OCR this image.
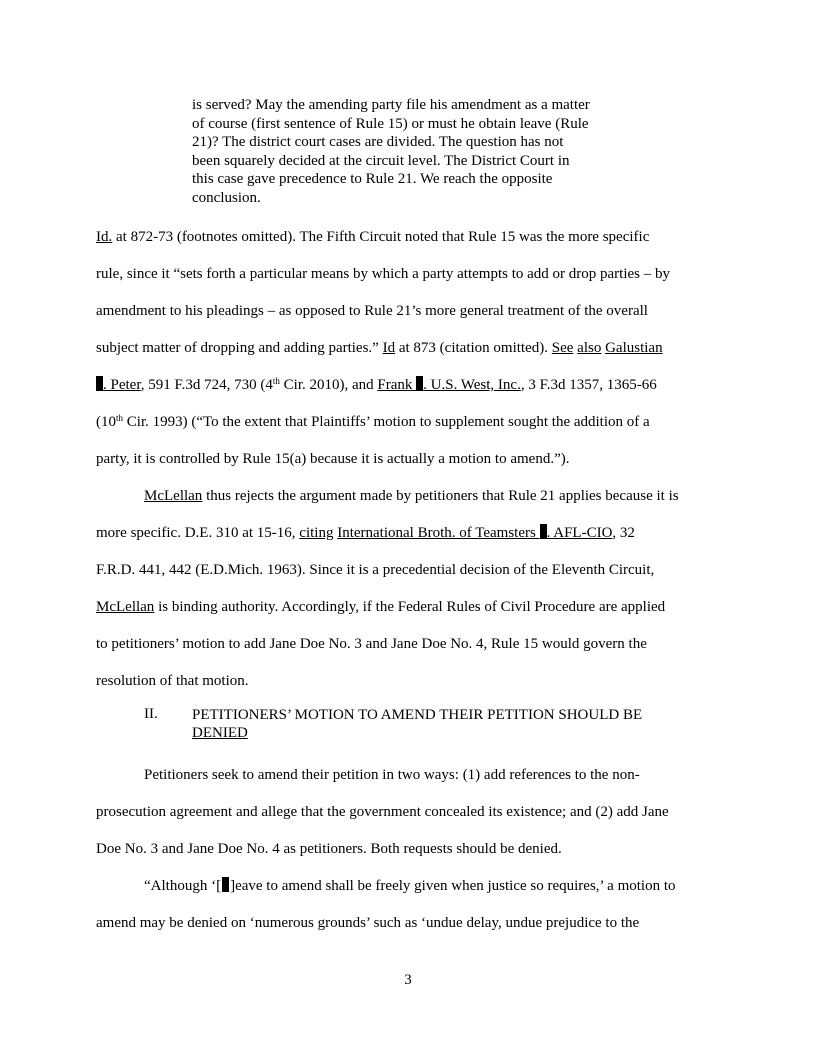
is served? May the amending party file his amendment as a matter
of course (first sentence of Rule 15) or must he obtain leave (Rule
21)? The district court cases are divided. The question has not
been squarely decided at the circuit level. The District Court in
this case gave precedence to Rule 21. We reach the opposite
conclusion.
Id. at 872-73 (footnotes omitted). The Fifth Circuit noted that Rule 15 was the more specific
rule, since it “sets forth a particular means by which a party attempts to add or drop parties – by
amendment to his pleadings – as opposed to Rule 21’s more general treatment of the overall
subject matter of dropping and adding parties.” Id at 873 (citation omitted). See also Galustian
. Peter, 591 F.3d 724, 730 (4th Cir. 2010), and Frank . U.S. West, Inc., 3 F.3d 1357, 1365-66
(10th Cir. 1993) (“To the extent that Plaintiffs’ motion to supplement sought the addition of a
party, it is controlled by Rule 15(a) because it is actually a motion to amend.”).
McLellan thus rejects the argument made by petitioners that Rule 21 applies because it is
more specific. D.E. 310 at 15-16, citing International Broth. of Teamsters . AFL-CIO, 32
F.R.D. 441, 442 (E.D.Mich. 1963). Since it is a precedential decision of the Eleventh Circuit,
McLellan is binding authority. Accordingly, if the Federal Rules of Civil Procedure are applied
to petitioners’ motion to add Jane Doe No. 3 and Jane Doe No. 4, Rule 15 would govern the
resolution of that motion.
II. PETITIONERS’ MOTION TO AMEND THEIR PETITION SHOULD BE
DENIED
Petitioners seek to amend their petition in two ways: (1) add references to the non-
prosecution agreement and allege that the government concealed its existence; and (2) add Jane
Doe No. 3 and Jane Doe No. 4 as petitioners. Both requests should be denied.
“Although ‘[ ]eave to amend shall be freely given when justice so requires,’ a motion to
amend may be denied on ‘numerous grounds’ such as ‘undue delay, undue prejudice to the
3
